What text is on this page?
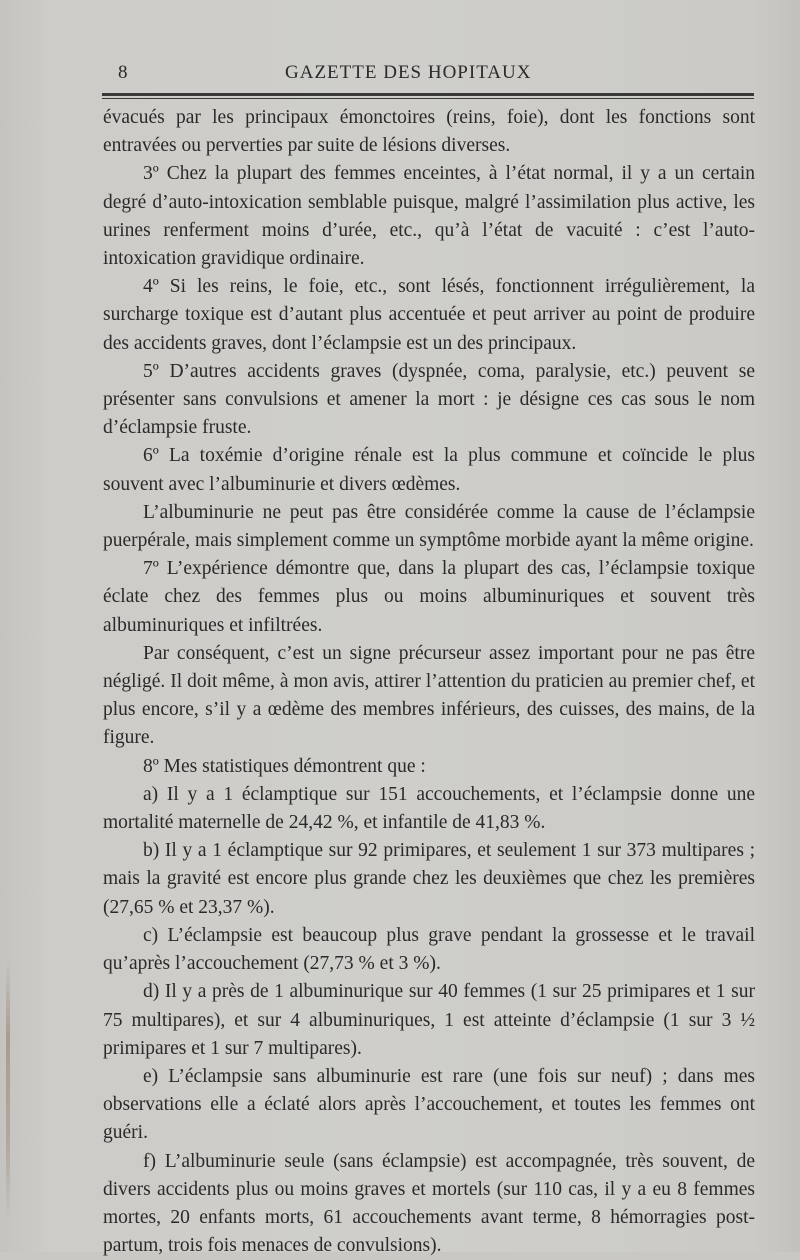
8	GAZETTE DES HOPITAUX

évacués par les principaux émonctoires (reins, foie), dont les fonctions sont entravées ou perverties par suite de lésions diverses.

3º Chez la plupart des femmes enceintes, à l’état normal, il y a un certain degré d’auto-intoxication semblable puisque, malgré l’assimilation plus active, les urines renferment moins d’urée, etc., qu’à l’état de vacuité : c’est l’auto-intoxication gravidique ordinaire.

4º Si les reins, le foie, etc., sont lésés, fonctionnent irrégulièrement, la surcharge toxique est d’autant plus accentuée et peut arriver au point de produire des accidents graves, dont l’éclampsie est un des principaux.

5º D’autres accidents graves (dyspnée, coma, paralysie, etc.) peuvent se présenter sans convulsions et amener la mort : je désigne ces cas sous le nom d’éclampsie fruste.

6º La toxémie d’origine rénale est la plus commune et coïncide le plus souvent avec l’albuminurie et divers œdèmes.

L’albuminurie ne peut pas être considérée comme la cause de l’éclampsie puerpérale, mais simplement comme un symptôme morbide ayant la même origine.

7º L’expérience démontre que, dans la plupart des cas, l’éclampsie toxique éclate chez des femmes plus ou moins albuminuriques et souvent très albuminuriques et infiltrées.

Par conséquent, c’est un signe précurseur assez important pour ne pas être négligé. Il doit même, à mon avis, attirer l’attention du praticien au premier chef, et plus encore, s’il y a œdème des membres inférieurs, des cuisses, des mains, de la figure.

8º Mes statistiques démontrent que :

a) Il y a 1 éclamptique sur 151 accouchements, et l’éclampsie donne une mortalité maternelle de 24,42 %, et infantile de 41,83 %.

b) Il y a 1 éclamptique sur 92 primipares, et seulement 1 sur 373 multipares ; mais la gravité est encore plus grande chez les deuxièmes que chez les premières (27,65 % et 23,37 %).

c) L’éclampsie est beaucoup plus grave pendant la grossesse et le travail qu’après l’accouchement (27,73 % et 3 %).

d) Il y a près de 1 albuminurique sur 40 femmes (1 sur 25 primipares et 1 sur 75 multipares), et sur 4 albuminuriques, 1 est atteinte d’éclampsie (1 sur 3 ½ primipares et 1 sur 7 multipares).

e) L’éclampsie sans albuminurie est rare (une fois sur neuf) ; dans mes observations elle a éclaté alors après l’accouchement, et toutes les femmes ont guéri.

f) L’albuminurie seule (sans éclampsie) est accompagnée, très souvent, de divers accidents plus ou moins graves et mortels (sur 110 cas, il y a eu 8 femmes mortes, 20 enfants morts, 61 accouchements avant terme, 8 hémorragies post-partum, trois fois menaces de convulsions).
